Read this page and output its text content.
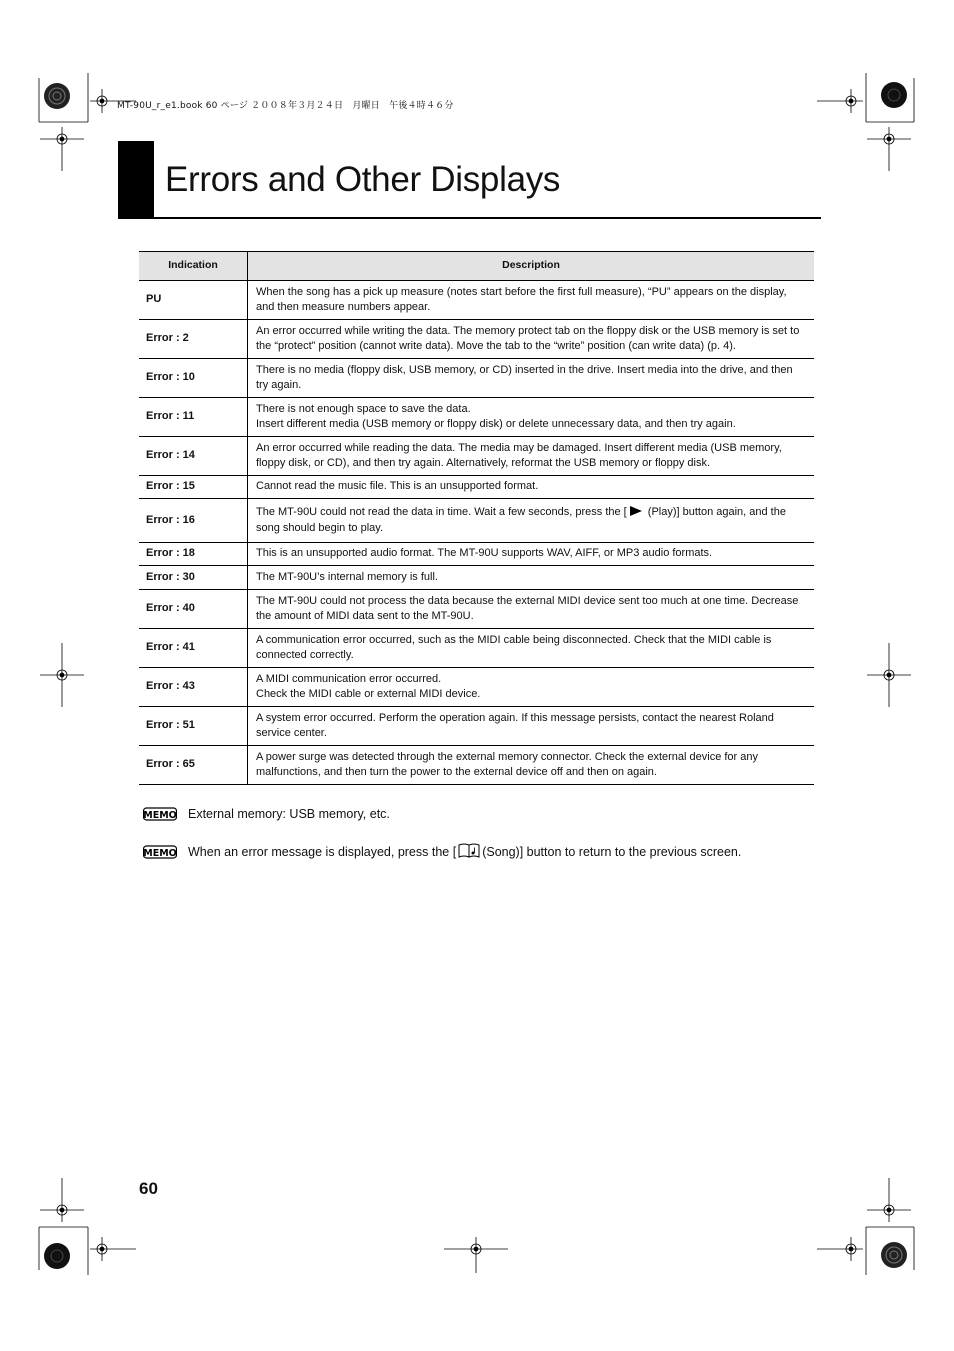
MT-90U_r_e1.book 60 ページ ２００８年３月２４日　月曜日　午後４時４６分
Errors and Other Displays
Indication	Description
PU	When the song has a pick up measure (notes start before the first full measure), “PU” appears on the display, and then measure numbers appear.
Error : 2	An error occurred while writing the data. The memory protect tab on the floppy disk or the USB memory is set to the “protect” position (cannot write data). Move the tab to the “write” position (can write data) (p. 4).
Error : 10	There is no media (floppy disk, USB memory, or CD) inserted in the drive. Insert media into the drive, and then try again.
Error : 11	There is not enough space to save the data.
Insert different media (USB memory or floppy disk) or delete unnecessary data, and then try again.

Error : 14	An error occurred while reading the data. The media may be damaged. Insert different media (USB memory, floppy disk, or CD), and then try again. Alternatively, reformat the USB memory or floppy disk.
Error : 15	Cannot read the music file. This is an unsupported format.
Error : 16	The MT-90U could not read the data in time. Wait a few seconds, press the [ (Play)] button again, and the song should begin to play.
Error : 18	This is an unsupported audio format. The MT-90U supports WAV, AIFF, or MP3 audio formats.
Error : 30	The MT-90U’s internal memory is full.
Error : 40	The MT-90U could not process the data because the external MIDI device sent too much at one time. Decrease the amount of MIDI data sent to the MT-90U.
Error : 41	A communication error occurred, such as the MIDI cable being disconnected. Check that the MIDI cable is connected correctly.
Error : 43	A MIDI communication error occurred.
Check the MIDI cable or external MIDI device.

Error : 51	A system error occurred. Perform the operation again. If this message persists, contact the nearest Roland service center.
Error : 65	A power surge was detected through the external memory connector. Check the external device for any malfunctions, and then turn the power to the external device off and then on again.
MEMO External memory: USB memory, etc.
MEMO When an error message is displayed, press the [ (Song)] button to return to the previous screen.
60
